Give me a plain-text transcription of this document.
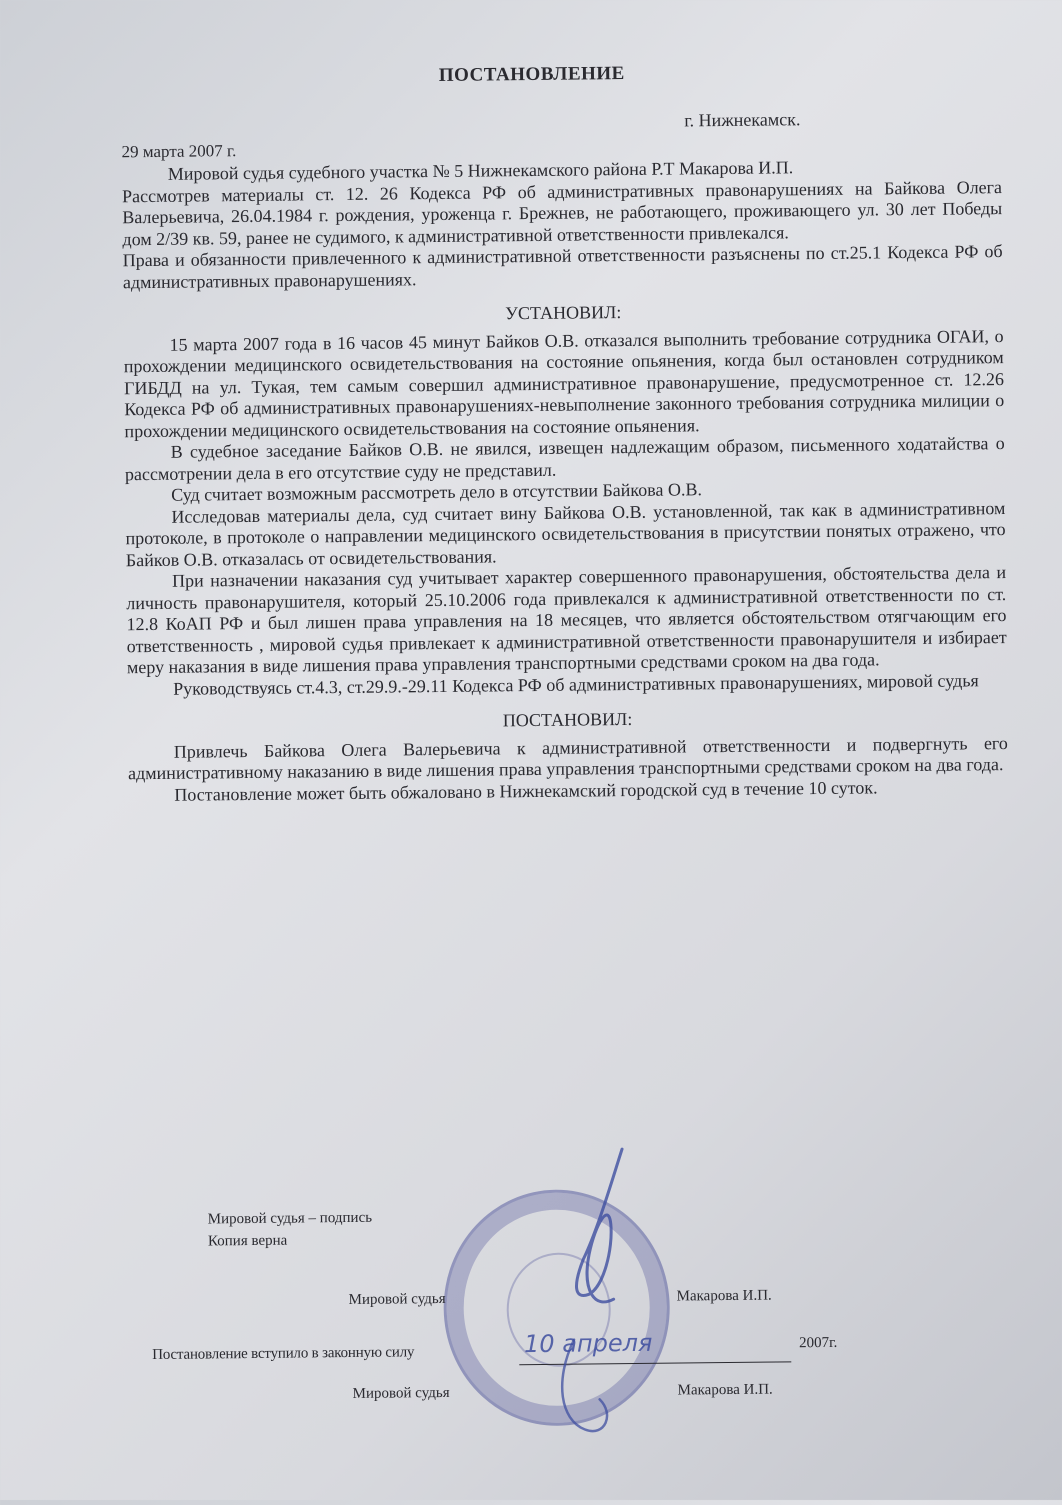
ПОСТАНОВЛЕНИЕ
г. Нижнекамск.
29 марта 2007 г.

Мировой судья судебного участка № 5 Нижнекамского района Р.Т Макарова И.П.

Рассмотрев материалы ст. 12. 26 Кодекса РФ об административных правонарушениях на Байкова Олега Валерьевича, 26.04.1984 г. рождения, уроженца г. Брежнев, не работающего, проживающего ул. 30 лет Победы дом 2/39 кв. 59, ранее не судимого, к административной ответственности привлекался.

Права и обязанности привлеченного к административной ответственности разъяснены по ст.25.1 Кодекса РФ об административных правонарушениях.

УСТАНОВИЛ:

15 марта 2007 года в 16 часов 45 минут Байков О.В. отказался выполнить требование сотрудника ОГАИ, о прохождении медицинского освидетельствования на состояние опьянения, когда был остановлен сотрудником ГИБДД на ул. Тукая, тем самым совершил административное правонарушение, предусмотренное ст. 12.26 Кодекса РФ об административных правонарушениях-невыполнение законного требования сотрудника милиции о прохождении медицинского освидетельствования на состояние опьянения.

В судебное заседание Байков О.В. не явился, извещен надлежащим образом, письменного ходатайства о рассмотрении дела в его отсутствие суду не представил.

Суд считает возможным рассмотреть дело в отсутствии Байкова О.В.

Исследовав материалы дела, суд считает вину Байкова О.В. установленной, так как в административном протоколе, в протоколе о направлении медицинского освидетельствования в присутствии понятых отражено, что Байков О.В. отказалась от освидетельствования.

При назначении наказания суд учитывает характер совершенного правонарушения, обстоятельства дела и личность правонарушителя, который 25.10.2006 года привлекался к административной ответственности по ст. 12.8 КоАП РФ и был лишен права управления на 18 месяцев, что является обстоятельством отягчающим его ответственность , мировой судья привлекает к административной ответственности правонарушителя и избирает меру наказания в виде лишения права управления транспортными средствами сроком на два года.

Руководствуясь ст.4.3, ст.29.9.-29.11 Кодекса РФ об административных правонарушениях, мировой судья

ПОСТАНОВИЛ:

Привлечь Байкова Олега Валерьевича к административной ответственности и подвергнуть его административному наказанию в виде лишения права управления транспортными средствами сроком на два года.

Постановление может быть обжаловано в Нижнекамский городской суд в течение 10 суток.

Мировой судья – подпись
Копия верна
Мировой судья	Макарова И.П.
Постановление вступило в законную силу	10 апреля	2007г.
Мировой судья	Макарова И.П.
